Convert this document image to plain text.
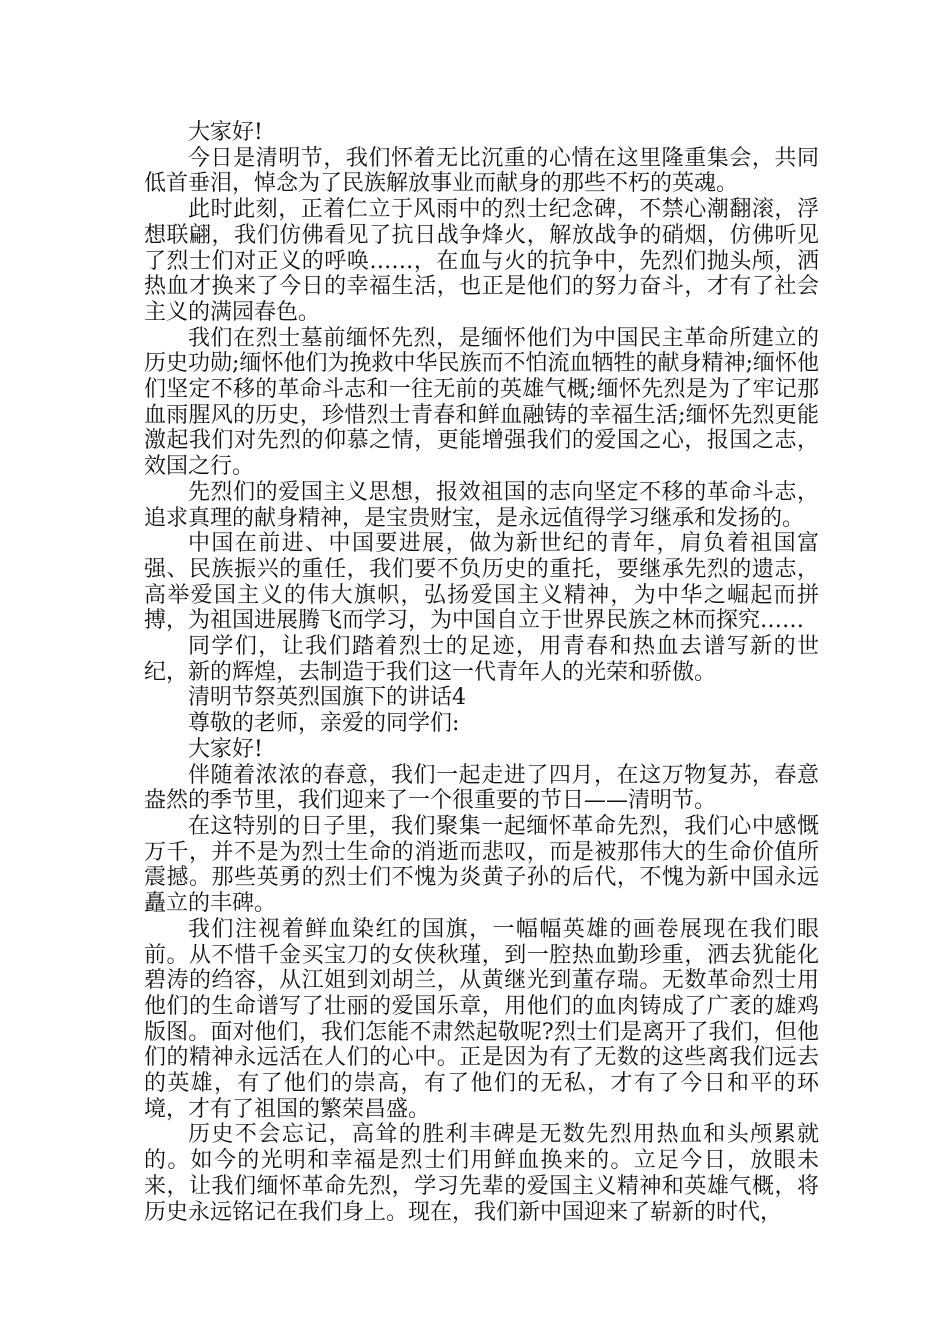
大家好!

今日是清明节，我们怀着无比沉重的心情在这里隆重集会，共同低首垂泪，悼念为了民族解放事业而献身的那些不朽的英魂。

此时此刻，正着仁立于风雨中的烈士纪念碑，不禁心潮翻滚，浮想联翩，我们仿佛看见了抗日战争烽火，解放战争的硝烟，仿佛听见了烈士们对正义的呼唤……，在血与火的抗争中，先烈们抛头颅，洒热血才换来了今日的幸福生活，也正是他们的努力奋斗，才有了社会主义的满园春色。

我们在烈士墓前缅怀先烈，是缅怀他们为中国民主革命所建立的历史功勋;缅怀他们为挽救中华民族而不怕流血牺牲的献身精神;缅怀他们坚定不移的革命斗志和一往无前的英雄气概;缅怀先烈是为了牢记那血雨腥风的历史，珍惜烈士青春和鲜血融铸的幸福生活;缅怀先烈更能激起我们对先烈的仰慕之情，更能增强我们的爱国之心，报国之志，效国之行。

先烈们的爱国主义思想，报效祖国的志向坚定不移的革命斗志，追求真理的献身精神，是宝贵财宝，是永远值得学习继承和发扬的。

中国在前进、中国要进展，做为新世纪的青年，肩负着祖国富强、民族振兴的重任，我们要不负历史的重托，要继承先烈的遗志，高举爱国主义的伟大旗帜，弘扬爱国主义精神，为中华之崛起而拼搏，为祖国进展腾飞而学习，为中国自立于世界民族之林而探究……

同学们，让我们踏着烈士的足迹，用青春和热血去谱写新的世纪，新的辉煌，去制造于我们这一代青年人的光荣和骄傲。

清明节祭英烈国旗下的讲话4

尊敬的老师，亲爱的同学们:

大家好!

伴随着浓浓的春意，我们一起走进了四月，在这万物复苏，春意盎然的季节里，我们迎来了一个很重要的节日——清明节。

在这特别的日子里，我们聚集一起缅怀革命先烈，我们心中感慨万千，并不是为烈士生命的消逝而悲叹，而是被那伟大的生命价值所震撼。那些英勇的烈士们不愧为炎黄子孙的后代，不愧为新中国永远矗立的丰碑。

我们注视着鲜血染红的国旗，一幅幅英雄的画卷展现在我们眼前。从不惜千金买宝刀的女侠秋瑾，到一腔热血勤珍重，洒去犹能化碧涛的绉容，从江姐到刘胡兰，从黄继光到董存瑞。无数革命烈士用他们的生命谱写了壮丽的爱国乐章，用他们的血肉铸成了广袤的雄鸡版图。面对他们，我们怎能不肃然起敬呢?烈士们是离开了我们，但他们的精神永远活在人们的心中。正是因为有了无数的这些离我们远去的英雄，有了他们的崇高，有了他们的无私，才有了今日和平的环境，才有了祖国的繁荣昌盛。

历史不会忘记，高耸的胜利丰碑是无数先烈用热血和头颅累就的。如今的光明和幸福是烈士们用鲜血换来的。立足今日，放眼未来，让我们缅怀革命先烈，学习先辈的爱国主义精神和英雄气概，将历史永远铭记在我们身上。现在，我们新中国迎来了崭新的时代，
